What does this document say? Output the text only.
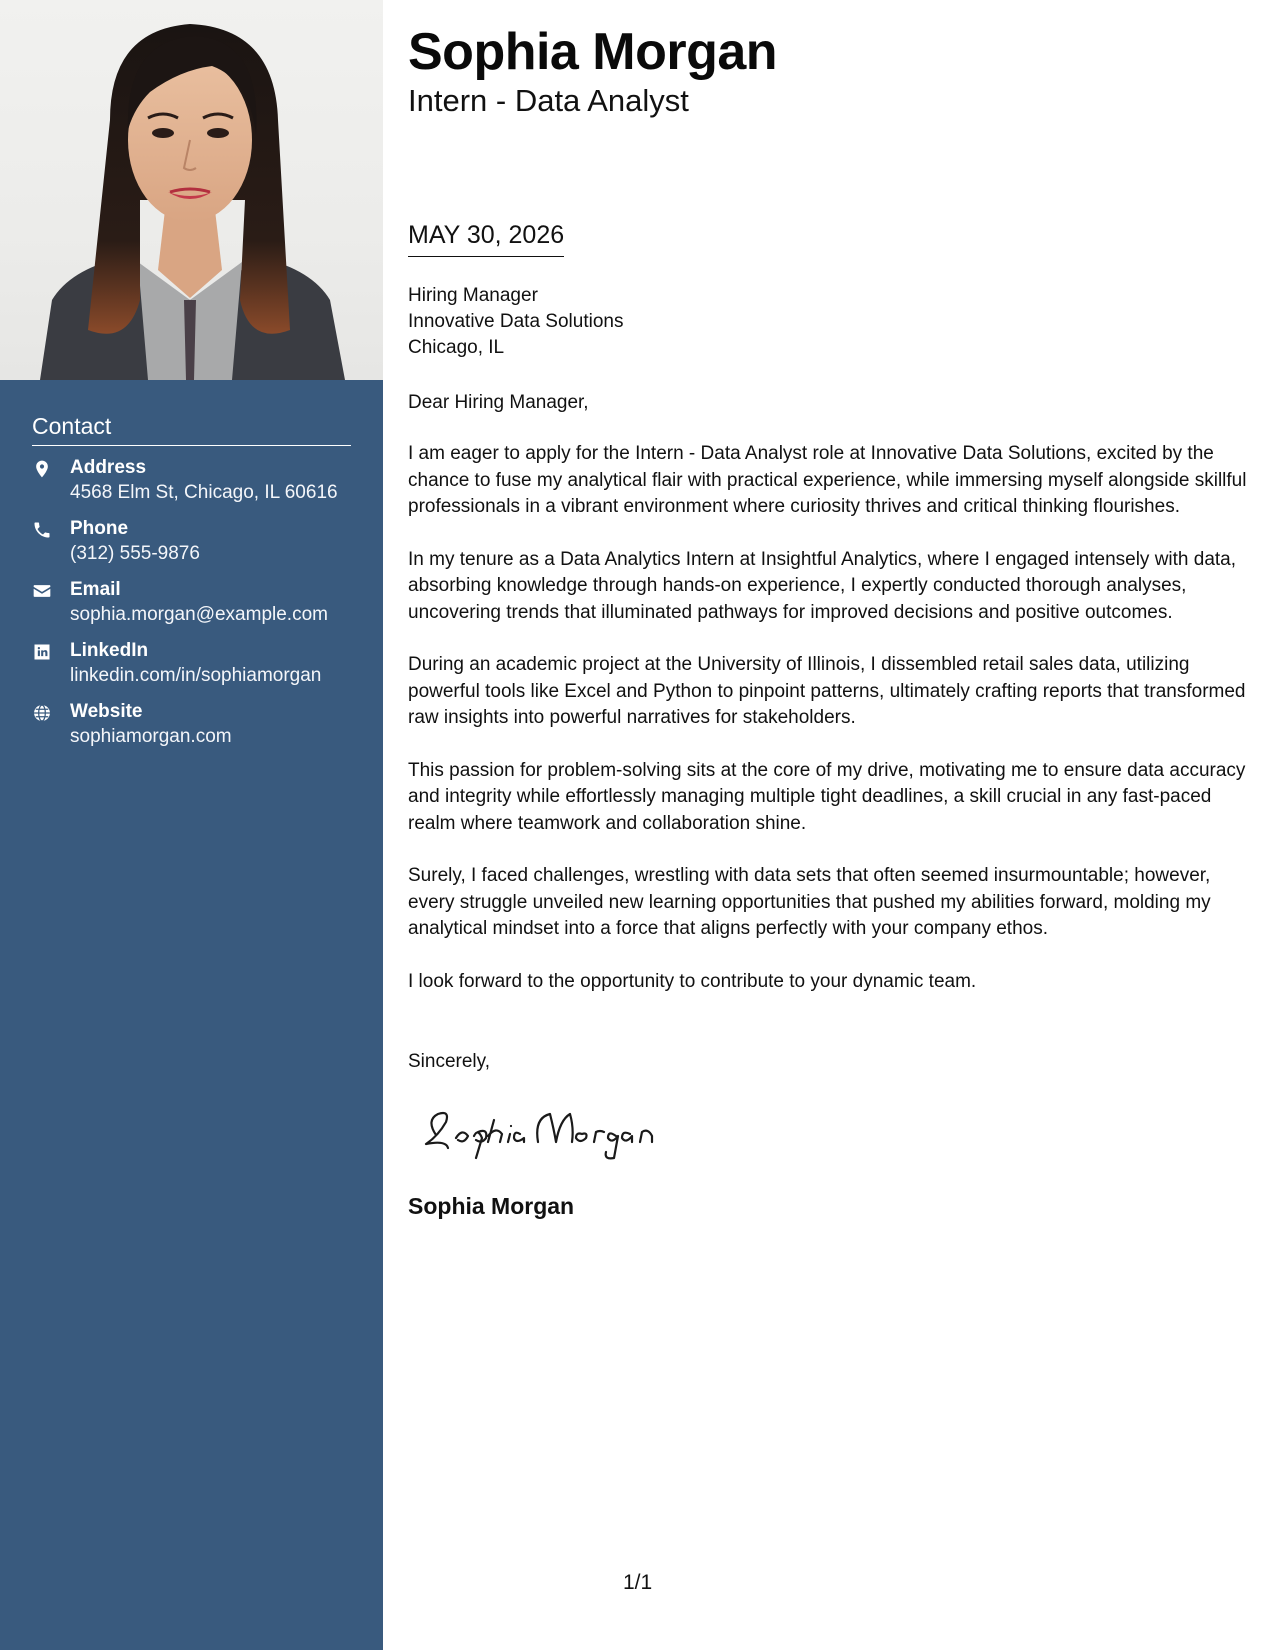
Contact
Address
4568 Elm St, Chicago, IL 60616
Phone
(312) 555-9876
Email
sophia.morgan@example.com
LinkedIn
linkedin.com/in/sophiamorgan
Website
sophiamorgan.com
Sophia Morgan
Intern - Data Analyst
MAY 30, 2026
Hiring Manager
Innovative Data Solutions
Chicago, IL
Dear Hiring Manager,

I am eager to apply for the Intern - Data Analyst role at Innovative Data Solutions, excited by the chance to fuse my analytical flair with practical experience, while immersing myself alongside skillful professionals in a vibrant environment where curiosity thrives and critical thinking flourishes.

In my tenure as a Data Analytics Intern at Insightful Analytics, where I engaged intensely with data, absorbing knowledge through hands-on experience, I expertly conducted thorough analyses, uncovering trends that illuminated pathways for improved decisions and positive outcomes.

During an academic project at the University of Illinois, I dissembled retail sales data, utilizing powerful tools like Excel and Python to pinpoint patterns, ultimately crafting reports that transformed raw insights into powerful narratives for stakeholders.

This passion for problem-solving sits at the core of my drive, motivating me to ensure data accuracy and integrity while effortlessly managing multiple tight deadlines, a skill crucial in any fast-paced realm where teamwork and collaboration shine.

Surely, I faced challenges, wrestling with data sets that often seemed insurmountable; however, every struggle unveiled new learning opportunities that pushed my abilities forward, molding my analytical mindset into a force that aligns perfectly with your company ethos.

I look forward to the opportunity to contribute to your dynamic team.

Sincerely,
Sophia Morgan
1/1
